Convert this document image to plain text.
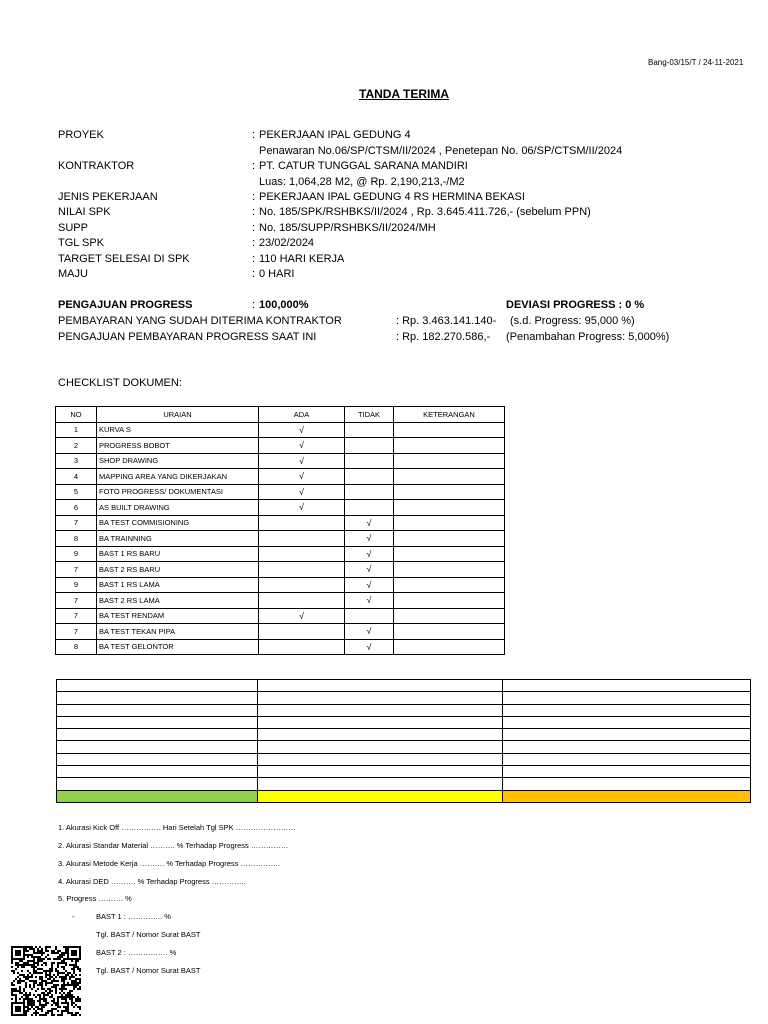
Bang-03/15/T / 24-11-2021
TANDA TERIMA
PROYEK	: PEKERJAAN IPAL GEDUNG 4
Penawaran No.06/SP/CTSM/II/2024 , Penetepan No. 06/SP/CTSM/II/2024
KONTRAKTOR	: PT. CATUR TUNGGAL SARANA MANDIRI
Luas: 1,064,28 M2, @ Rp. 2,190,213,-/M2
JENIS PEKERJAAN	: PEKERJAAN IPAL GEDUNG 4 RS HERMINA BEKASI
NILAI SPK	: No. 185/SPK/RSHBKS/II/2024 , Rp. 3.645.411.726,- (sebelum PPN)
SUPP	: No. 185/SUPP/RSHBKS/II/2024/MH
TGL SPK	: 23/02/2024
TARGET SELESAI DI SPK	: 110 HARI KERJA
MAJU	: 0 HARI
PENGAJUAN PROGRESS	: 100,000%	DEVIASI PROGRESS : 0 %
PEMBAYARAN YANG SUDAH DITERIMA KONTRAKTOR	: Rp. 3.463.141.140- (s.d. Progress: 95,000 %)
PENGAJUAN PEMBAYARAN PROGRESS SAAT INI	: Rp. 182.270.586,- (Penambahan Progress: 5,000%)
CHECKLIST DOKUMEN:
NO	URAIAN	ADA	TIDAK	KETERANGAN
1	KURVA S	√		
2	PROGRESS BOBOT	√		
3	SHOP DRAWING	√		
4	MAPPING AREA YANG DIKERJAKAN	√		
5	FOTO PROGRESS/ DOKUMENTASI	√		
6	AS BUILT DRAWING	√		
7	BA TEST COMMISIONING		√	
8	BA TRAINNING		√	
9	BAST 1 RS BARU		√	
7	BAST 2 RS BARU		√	
9	BAST 1 RS LAMA		√	
7	BAST 2 RS LAMA		√	
7	BA TEST RENDAM	√		
7	BA TEST TEKAN PIPA		√	
8	BA TEST GELONTOR		√	

1. Akurasi Kick Off ……………. Hari Setelah Tgl SPK ……………………
2. Akurasi Standar Material ………. % Terhadap Progress ……………
3. Akurasi Metode Kerja ………. % Terhadap Progress …………….
4. Akurasi DED ………. % Terhadap Progress …………..
5. Progress ………. %
-	BAST 1 : ………….. %
Tgl. BAST / Nomor Surat BAST
BAST 2 : ……………. %
Tgl. BAST / Nomor Surat BAST
